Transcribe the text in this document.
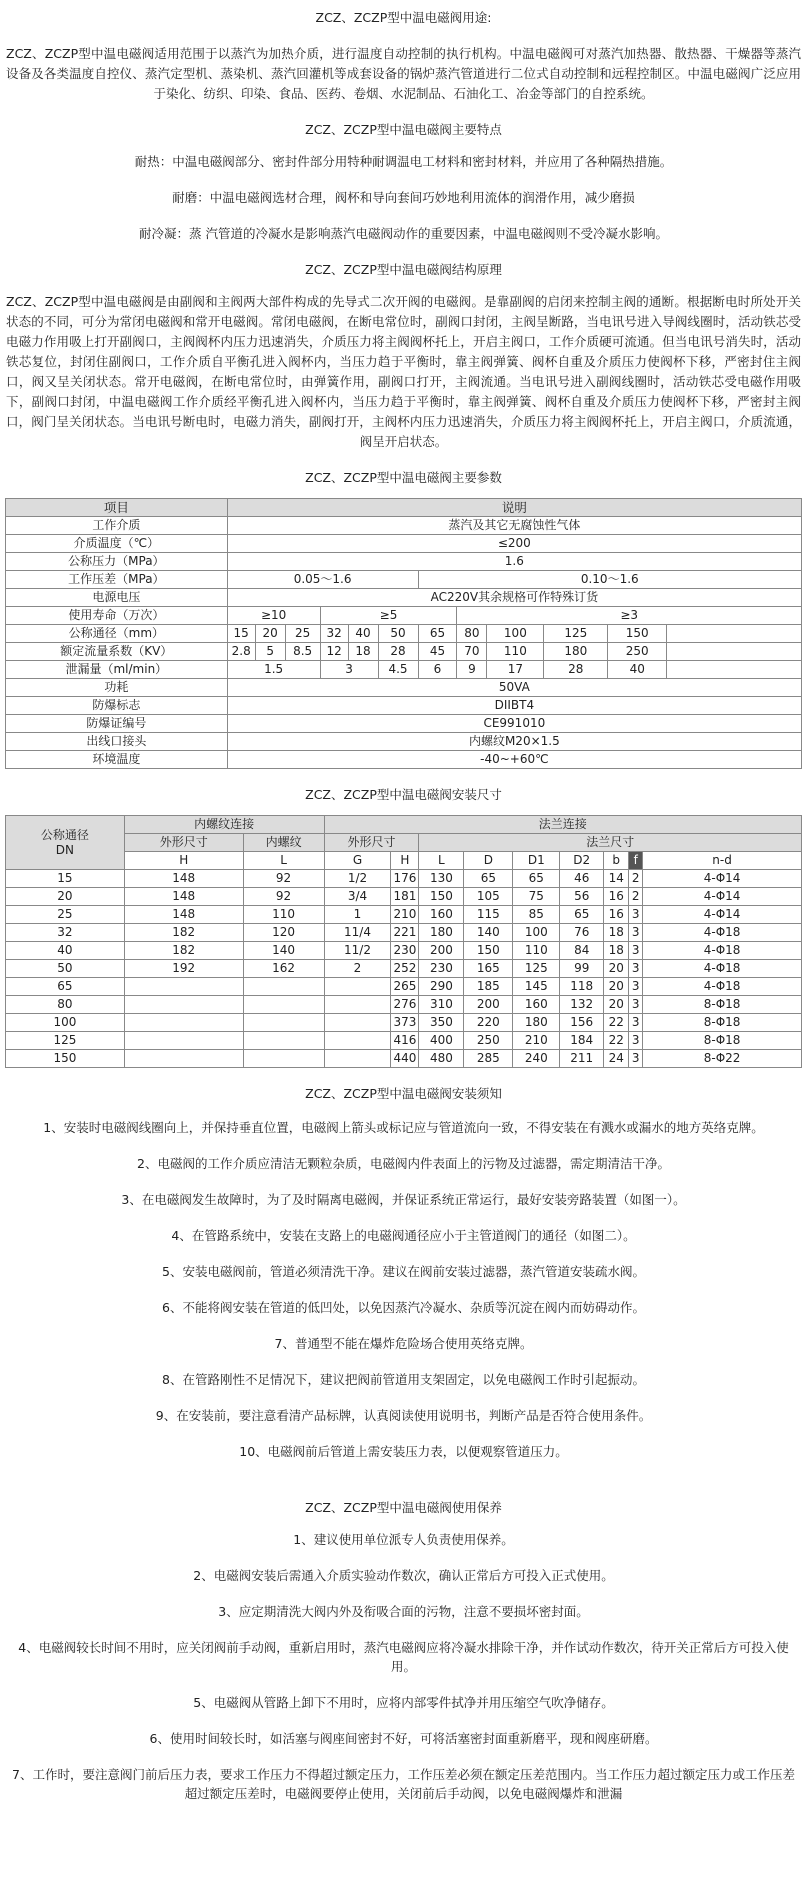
ZCZ、ZCZP型中温电磁阀用途:

ZCZ、ZCZP型中温电磁阀适用范围于以蒸汽为加热介质，进行温度自动控制的执行机构。中温电磁阀可对蒸汽加热器、散热器、干燥器等蒸汽设备及各类温度自控仪、蒸汽定型机、蒸染机、蒸汽回灌机等成套设备的锅炉蒸汽管道进行二位式自动控制和远程控制区。中温电磁阀广泛应用于染化、纺织、印染、食品、医药、卷烟、水泥制品、石油化工、冶金等部门的自控系统。

ZCZ、ZCZP型中温电磁阀主要特点

耐热：中温电磁阀部分、密封件部分用特种耐调温电工材料和密封材料，并应用了各种隔热措施。

耐磨：中温电磁阀选材合理，阀杯和导向套间巧妙地利用流体的润滑作用，减少磨损

耐冷凝：蒸 汽管道的冷凝水是影响蒸汽电磁阀动作的重要因素，中温电磁阀则不受冷凝水影响。

ZCZ、ZCZP型中温电磁阀结构原理

ZCZ、ZCZP型中温电磁阀是由副阀和主阀两大部件构成的先导式二次开阀的电磁阀。是靠副阀的启闭来控制主阀的通断。根据断电时所处开关状态的不同，可分为常闭电磁阀和常开电磁阀。常闭电磁阀，在断电常位时，副阀口封闭，主阀呈断路，当电讯号进入导阀线圈时，活动铁芯受电磁力作用吸上打开副阀口，主阀阀杯内压力迅速消失，介质压力将主阀阀杯托上，开启主阀口，工作介质硬可流通。但当电讯号消失时，活动铁芯复位，封闭住副阀口，工作介质自平衡孔进入阀杯内，当压力趋于平衡时，靠主阀弹簧、阀杯自重及介质压力使阀杯下移，严密封住主阀口，阀又呈关闭状态。常开电磁阀，在断电常位时，由弹簧作用，副阀口打开，主阀流通。当电讯号进入副阀线圈时，活动铁芯受电磁作用吸下，副阀口封闭，中温电磁阀工作介质经平衡孔进入阀杯内，当压力趋于平衡时，靠主阀弹簧、阀杯自重及介质压力使阀杯下移，严密封主阀口，阀门呈关闭状态。当电讯号断电时，电磁力消失，副阀打开，主阀杯内压力迅速消失，介质压力将主阀阀杯托上，开启主阀口，介质流通，阀呈开启状态。

ZCZ、ZCZP型中温电磁阀主要参数

项目	说明											
工作介质	蒸汽及其它无腐蚀性气体											
介质温度（℃）	≤200											
公称压力（MPa）	1.6											
工作压差（MPa）	0.05～1.6						0.10～1.6					
电源电压	AC220V其余规格可作特殊订货											
使用寿命（万次）	≥10			≥5				≥3				
公称通径（mm）	15	20	25	32	40	50	65	80	100	125	150	
额定流量系数（KV）	2.8	5	8.5	12	18	28	45	70	110	180	250	
泄漏量（ml/min）	1.5			3		4.5	6	9	17	28	40	
功耗	50VA											
防爆标志	DIIBT4											
防爆证编号	CE991010											
出线口接头	内螺纹M20×1.5											
环境温度	-40~+60℃											

ZCZ、ZCZP型中温电磁阀安装尺寸

公称通径
DN	内螺纹连接		法兰连接								
	外形尺寸	内螺纹	外形尺寸		法兰尺寸						
	H	L	G	H	L	D	D1	D2	b	f	n-d
15	148	92	1/2	176	130	65	65	46	14	2	4-Φ14
20	148	92	3/4	181	150	105	75	56	16	2	4-Φ14
25	148	110	1	210	160	115	85	65	16	3	4-Φ14
32	182	120	11/4	221	180	140	100	76	18	3	4-Φ18
40	182	140	11/2	230	200	150	110	84	18	3	4-Φ18
50	192	162	2	252	230	165	125	99	20	3	4-Φ18
65				265	290	185	145	118	20	3	4-Φ18
80				276	310	200	160	132	20	3	8-Φ18
100				373	350	220	180	156	22	3	8-Φ18
125				416	400	250	210	184	22	3	8-Φ18
150				440	480	285	240	211	24	3	8-Φ22

ZCZ、ZCZP型中温电磁阀安装须知

1、安装时电磁阀线圈向上，并保持垂直位置，电磁阀上箭头或标记应与管道流向一致，不得安装在有溅水或漏水的地方英络克牌。

2、电磁阀的工作介质应清洁无颗粒杂质，电磁阀内件表面上的污物及过滤器，需定期清洁干净。

3、在电磁阀发生故障时，为了及时隔离电磁阀，并保证系统正常运行，最好安装旁路装置（如图一）。

4、在管路系统中，安装在支路上的电磁阀通径应小于主管道阀门的通径（如图二）。

5、安装电磁阀前，管道必须清洗干净。建议在阀前安装过滤器，蒸汽管道安装疏水阀。

6、不能将阀安装在管道的低凹处，以免因蒸汽冷凝水、杂质等沉淀在阀内而妨碍动作。

7、普通型不能在爆炸危险场合使用英络克牌。

8、在管路刚性不足情况下，建议把阀前管道用支架固定，以免电磁阀工作时引起振动。

9、在安装前，要注意看清产品标牌，认真阅读使用说明书，判断产品是否符合使用条件。

10、电磁阀前后管道上需安装压力表，以便观察管道压力。

ZCZ、ZCZP型中温电磁阀使用保养

1、建议使用单位派专人负责使用保养。

2、电磁阀安装后需通入介质实验动作数次，确认正常后方可投入正式使用。

3、应定期清洗大阀内外及衔吸合面的污物，注意不要损坏密封面。

4、电磁阀较长时间不用时，应关闭阀前手动阀，重新启用时，蒸汽电磁阀应将冷凝水排除干净，并作试动作数次，待开关正常后方可投入使用。

5、电磁阀从管路上卸下不用时，应将内部零件拭净并用压缩空气吹净储存。

6、使用时间较长时，如活塞与阀座间密封不好，可将活塞密封面重新磨平，现和阀座研磨。

7、工作时，要注意阀门前后压力表，要求工作压力不得超过额定压力，工作压差必须在额定压差范围内。当工作压力超过额定压力或工作压差超过额定压差时，电磁阀要停止使用，关闭前后手动阀，以免电磁阀爆炸和泄漏
